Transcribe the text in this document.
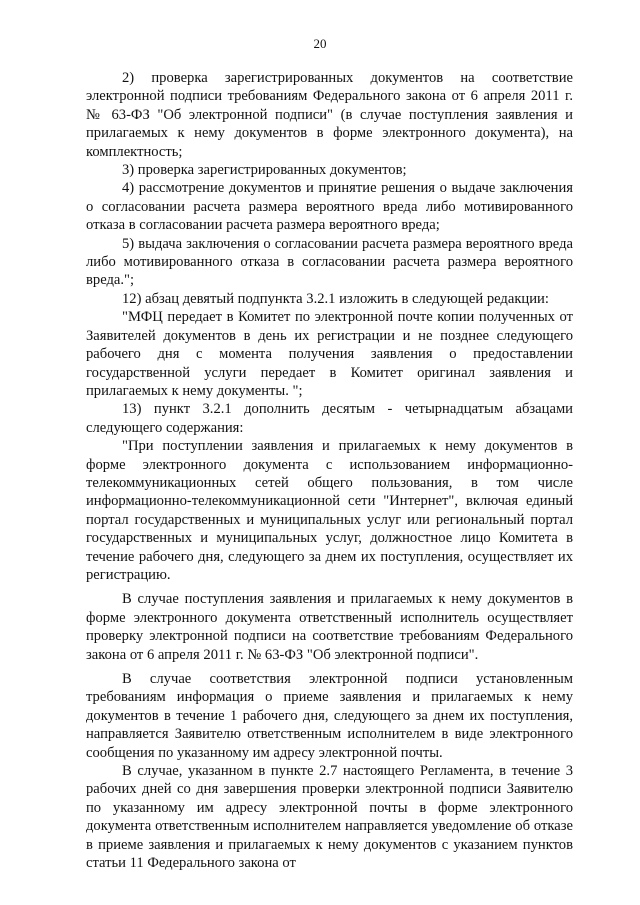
20

2) проверка зарегистрированных документов на соответствие электронной подписи требованиям Федерального закона от 6 апреля 2011 г. № 63-ФЗ "Об электронной подписи" (в случае поступления заявления и прилагаемых к нему документов в форме электронного документа), на комплектность;

3) проверка зарегистрированных документов;

4) рассмотрение документов и принятие решения о выдаче заключения о согласовании расчета размера вероятного вреда либо мотивированного отказа в согласовании расчета размера вероятного вреда;

5) выдача заключения о согласовании расчета размера вероятного вреда либо мотивированного отказа в согласовании расчета размера вероятного вреда.";

12) абзац девятый подпункта 3.2.1 изложить в следующей редакции:

"МФЦ передает в Комитет по электронной почте копии полученных от Заявителей документов в день их регистрации и не позднее следующего рабочего дня с момента получения заявления о предоставлении государственной услуги передает в Комитет оригинал заявления и прилагаемых к нему документы. ";

13) пункт 3.2.1 дополнить десятым - четырнадцатым абзацами следующего содержания:

"При поступлении заявления и прилагаемых к нему документов в форме электронного документа с использованием информационно-телекоммуникационных сетей общего пользования, в том числе информационно-телекоммуникационной сети "Интернет", включая единый портал государственных и муниципальных услуг или региональный портал государственных и муниципальных услуг, должностное лицо Комитета в течение рабочего дня, следующего за днем их поступления, осуществляет их регистрацию.

В случае поступления заявления и прилагаемых к нему документов в форме электронного документа ответственный исполнитель осуществляет проверку электронной подписи на соответствие требованиям Федерального закона от 6 апреля 2011 г. № 63-ФЗ "Об электронной подписи".

В случае соответствия электронной подписи установленным требованиям информация о приеме заявления и прилагаемых к нему документов в течение 1 рабочего дня, следующего за днем их поступления, направляется Заявителю ответственным исполнителем в виде электронного сообщения по указанному им адресу электронной почты.

В случае, указанном в пункте 2.7 настоящего Регламента, в течение 3 рабочих дней со дня завершения проверки электронной подписи Заявителю по указанному им адресу электронной почты в форме электронного документа ответственным исполнителем направляется уведомление об отказе в приеме заявления и прилагаемых к нему документов с указанием пунктов статьи 11 Федерального закона от
